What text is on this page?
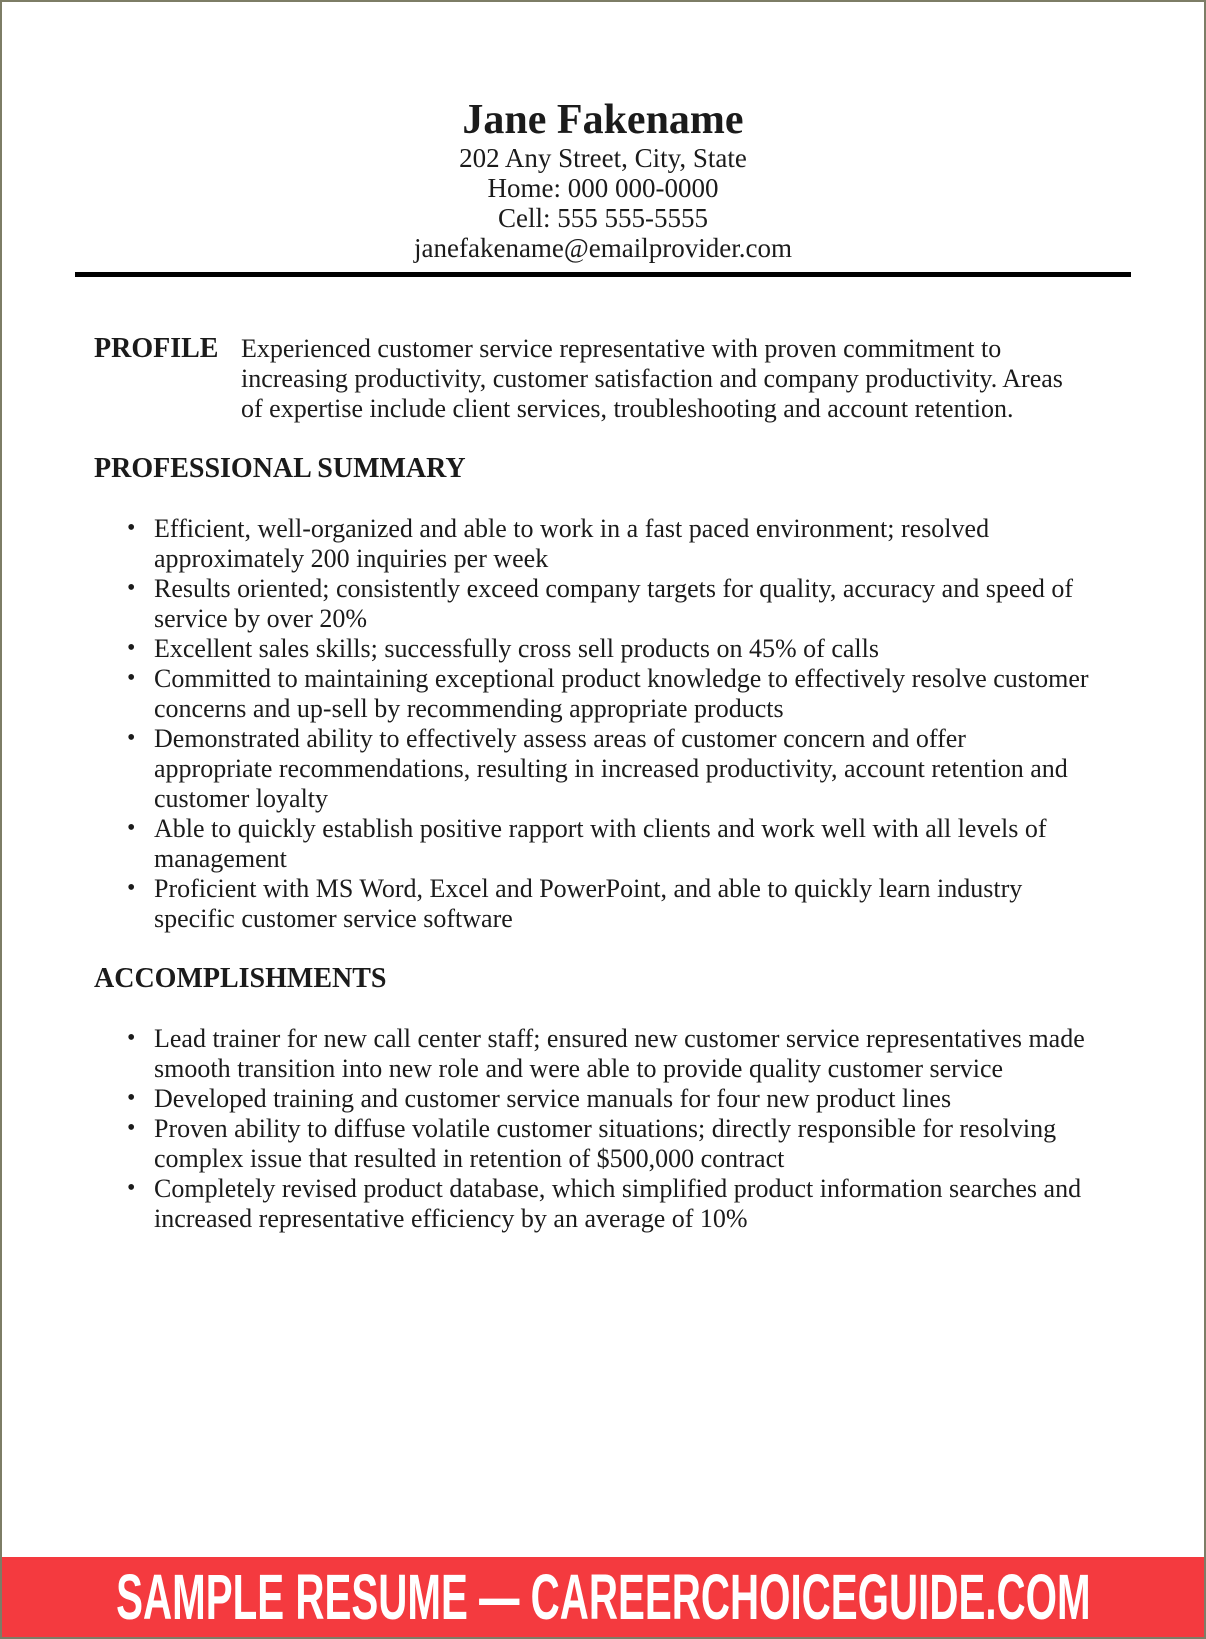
Jane Fakename
202 Any Street, City, State
Home: 000 000-0000
Cell: 555 555-5555
janefakename@emailprovider.com
PROFILE Experienced customer service representative with proven commitment to increasing productivity, customer satisfaction and company productivity. Areas of expertise include client services, troubleshooting and account retention.
PROFESSIONAL SUMMARY
• Efficient, well-organized and able to work in a fast paced environment; resolved approximately 200 inquiries per week
• Results oriented; consistently exceed company targets for quality, accuracy and speed of service by over 20%
• Excellent sales skills; successfully cross sell products on 45% of calls
• Committed to maintaining exceptional product knowledge to effectively resolve customer concerns and up-sell by recommending appropriate products
• Demonstrated ability to effectively assess areas of customer concern and offer appropriate recommendations, resulting in increased productivity, account retention and customer loyalty
• Able to quickly establish positive rapport with clients and work well with all levels of management
• Proficient with MS Word, Excel and PowerPoint, and able to quickly learn industry specific customer service software
ACCOMPLISHMENTS
• Lead trainer for new call center staff; ensured new customer service representatives made smooth transition into new role and were able to provide quality customer service
• Developed training and customer service manuals for four new product lines
• Proven ability to diffuse volatile customer situations; directly responsible for resolving complex issue that resulted in retention of $500,000 contract
• Completely revised product database, which simplified product information searches and increased representative efficiency by an average of 10%
SAMPLE RESUME — CAREERCHOICEGUIDE.COM
